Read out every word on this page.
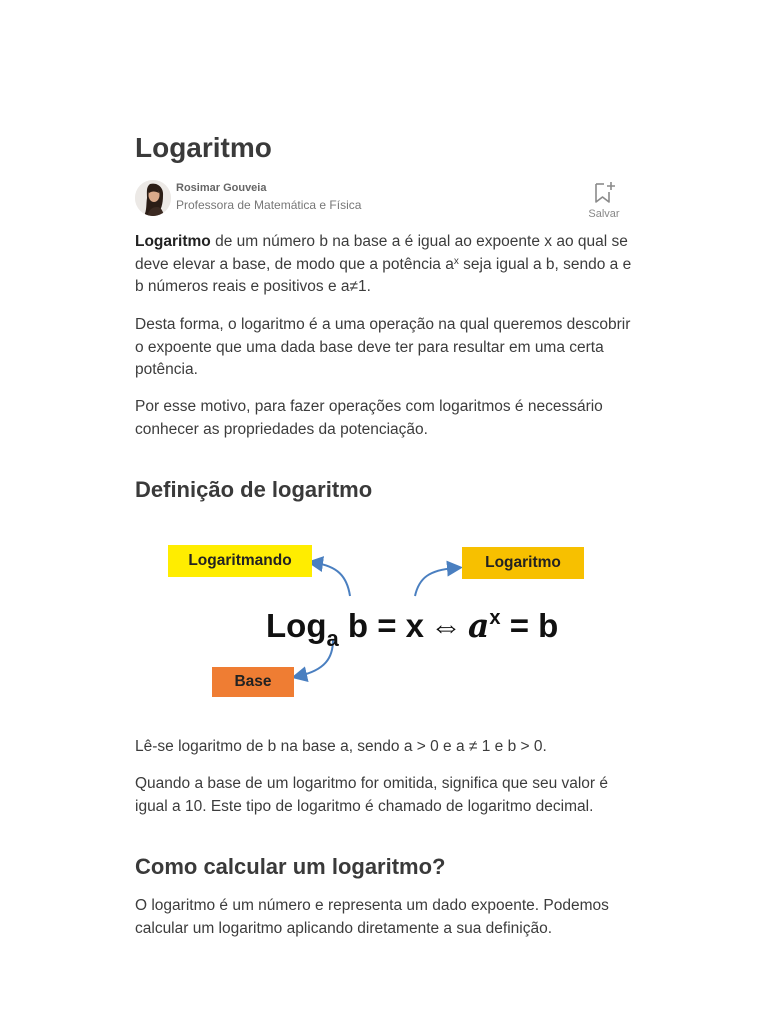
Logaritmo
Rosimar Gouveia
Professora de Matemática e Física
Salvar

Logaritmo de um número b na base a é igual ao expoente x ao qual se deve elevar a base, de modo que a potência $a^x$ seja igual a b, sendo a e b números reais e positivos e a≠1.

Desta forma, o logaritmo é a uma operação na qual queremos descobrir o expoente que uma dada base deve ter para resultar em uma certa potência.

Por esse motivo, para fazer operações com logaritmos é necessário conhecer as propriedades da potenciação.

Definição de logaritmo
Logaritmando	Logaritmo
Base
Log$_a$ b = x ⇔ $a^x = b$

Lê-se logaritmo de b na base a, sendo a > 0 e a ≠ 1 e b > 0.

Quando a base de um logaritmo for omitida, significa que seu valor é igual a 10. Este tipo de logaritmo é chamado de logaritmo decimal.

Como calcular um logaritmo?

O logaritmo é um número e representa um dado expoente. Podemos calcular um logaritmo aplicando diretamente a sua definição.
